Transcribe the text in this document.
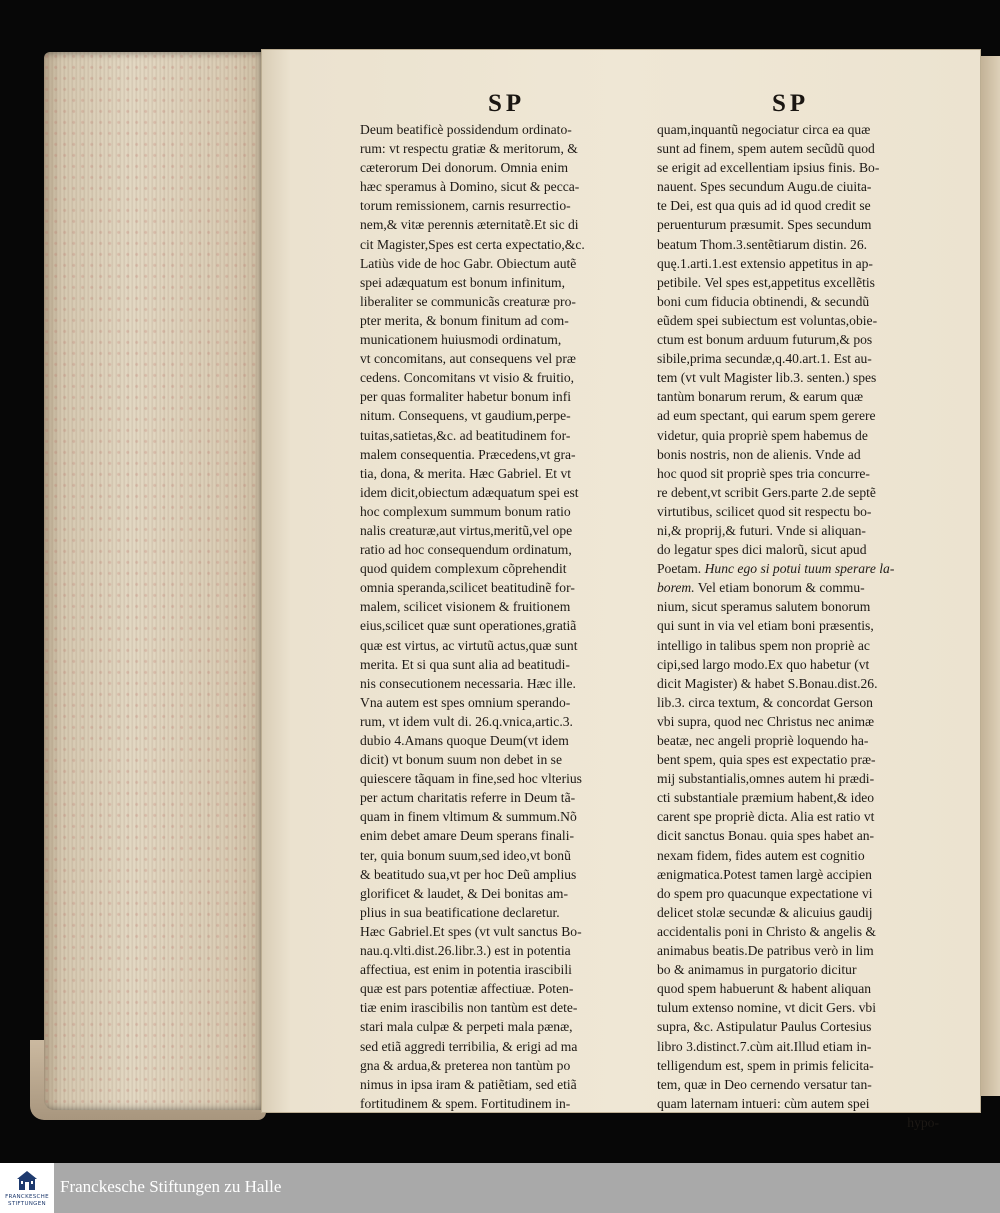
SP	SP
Deum beatificè possidendum ordinato-
rum: vt respectu gratiæ & meritorum, &
cæterorum Dei donorum. Omnia enim
hæc speramus à Domino, sicut & pecca-
torum remissionem, carnis resurrectio-
nem,& vitæ perennis æternitatẽ.Et sic di
cit Magister,Spes est certa expectatio,&c.
Latiùs vide de hoc Gabr. Obiectum autẽ
spei adæquatum est bonum infinitum,
liberaliter se communicãs creaturæ pro-
pter merita, & bonum finitum ad com-
municationem huiusmodi ordinatum,
vt concomitans, aut consequens vel præ
cedens. Concomitans vt visio & fruitio,
per quas formaliter habetur bonum infi
nitum. Consequens, vt gaudium,perpe-
tuitas,satietas,&c. ad beatitudinem for-
malem consequentia. Præcedens,vt gra-
tia, dona, & merita. Hæc Gabriel. Et vt
idem dicit,obiectum adæquatum spei est
hoc complexum summum bonum ratio
nalis creaturæ,aut virtus,meritũ,vel ope
ratio ad hoc consequendum ordinatum,
quod quidem complexum cõprehendit
omnia speranda,scilicet beatitudinẽ for-
malem, scilicet visionem & fruitionem
eius,scilicet quæ sunt operationes,gratiã
quæ est virtus, ac virtutũ actus,quæ sunt
merita. Et si qua sunt alia ad beatitudi-
nis consecutionem necessaria. Hæc ille.
Vna autem est spes omnium sperando-
rum, vt idem vult di. 26.q.vnica,artic.3.
dubio 4.Amans quoque Deum(vt idem
dicit) vt bonum suum non debet in se
quiescere tãquam in fine,sed hoc vlterius
per actum charitatis referre in Deum tã-
quam in finem vltimum & summum.Nõ
enim debet amare Deum sperans finali-
ter, quia bonum suum,sed ideo,vt bonũ
& beatitudo sua,vt per hoc Deũ amplius
glorificet & laudet, & Dei bonitas am-
plius in sua beatificatione declaretur.
Hæc Gabriel.Et spes (vt vult sanctus Bo-
nau.q.vlti.dist.26.libr.3.) est in potentia
affectiua, est enim in potentia irascibili
quæ est pars potentiæ affectiuæ. Poten-
tiæ enim irascibilis non tantùm est dete-
stari mala culpæ & perpeti mala pænæ,
sed etiã aggredi terribilia, & erigi ad ma
gna & ardua,& preterea non tantùm po
nimus in ipsa iram & patiẽtiam, sed etiã
fortitudinem & spem. Fortitudinem in-
quam,inquantũ negociatur circa ea quæ
sunt ad finem, spem autem secũdũ quod
se erigit ad excellentiam ipsius finis. Bo-
nauent. Spes secundum Augu.de ciuita-
te Dei, est qua quis ad id quod credit se
peruenturum præsumit. Spes secundum
beatum Thom.3.sentẽtiarum distin. 26.
quę.1.arti.1.est extensio appetitus in ap-
petibile. Vel spes est,appetitus excellẽtis
boni cum fiducia obtinendi, & secundũ
eũdem spei subiectum est voluntas,obie-
ctum est bonum arduum futurum,& pos
sibile,prima secundæ,q.40.art.1. Est au-
tem (vt vult Magister lib.3. senten.) spes
tantùm bonarum rerum, & earum quæ
ad eum spectant, qui earum spem gerere
videtur, quia propriè spem habemus de
bonis nostris, non de alienis. Vnde ad
hoc quod sit propriè spes tria concurre-
re debent,vt scribit Gers.parte 2.de septẽ
virtutibus, scilicet quod sit respectu bo-
ni,& proprij,& futuri. Vnde si aliquan-
do legatur spes dici malorũ, sicut apud
Poetam. Hunc ego si potui tuum sperare la-
borem. Vel etiam bonorum & commu-
nium, sicut speramus salutem bonorum
qui sunt in via vel etiam boni præsentis,
intelligo in talibus spem non propriè ac
cipi,sed largo modo.Ex quo habetur (vt
dicit Magister) & habet S.Bonau.dist.26.
lib.3. circa textum, & concordat Gerson
vbi supra, quod nec Christus nec animæ
beatæ, nec angeli propriè loquendo ha-
bent spem, quia spes est expectatio præ-
mij substantialis,omnes autem hi prædi-
cti substantiale præmium habent,& ideo
carent spe propriè dicta. Alia est ratio vt
dicit sanctus Bonau. quia spes habet an-
nexam fidem, fides autem est cognitio
ænigmatica.Potest tamen largè accipien
do spem pro quacunque expectatione vi
delicet stolæ secundæ & alicuius gaudij
accidentalis poni in Christo & angelis &
animabus beatis.De patribus verò in lim
bo & animamus in purgatorio dicitur
quod spem habuerunt & habent aliquan
tulum extenso nomine, vt dicit Gers. vbi
supra, &c. Astipulatur Paulus Cortesius
libro 3.distinct.7.cùm ait.Illud etiam in-
telligendum est, spem in primis felicita-
tem, quæ in Deo cernendo versatur tan-
quam laternam intueri: cùm autem spei
hypo-
FRANCKESCHE
STIFTUNGEN
Franckesche Stiftungen zu Halle
